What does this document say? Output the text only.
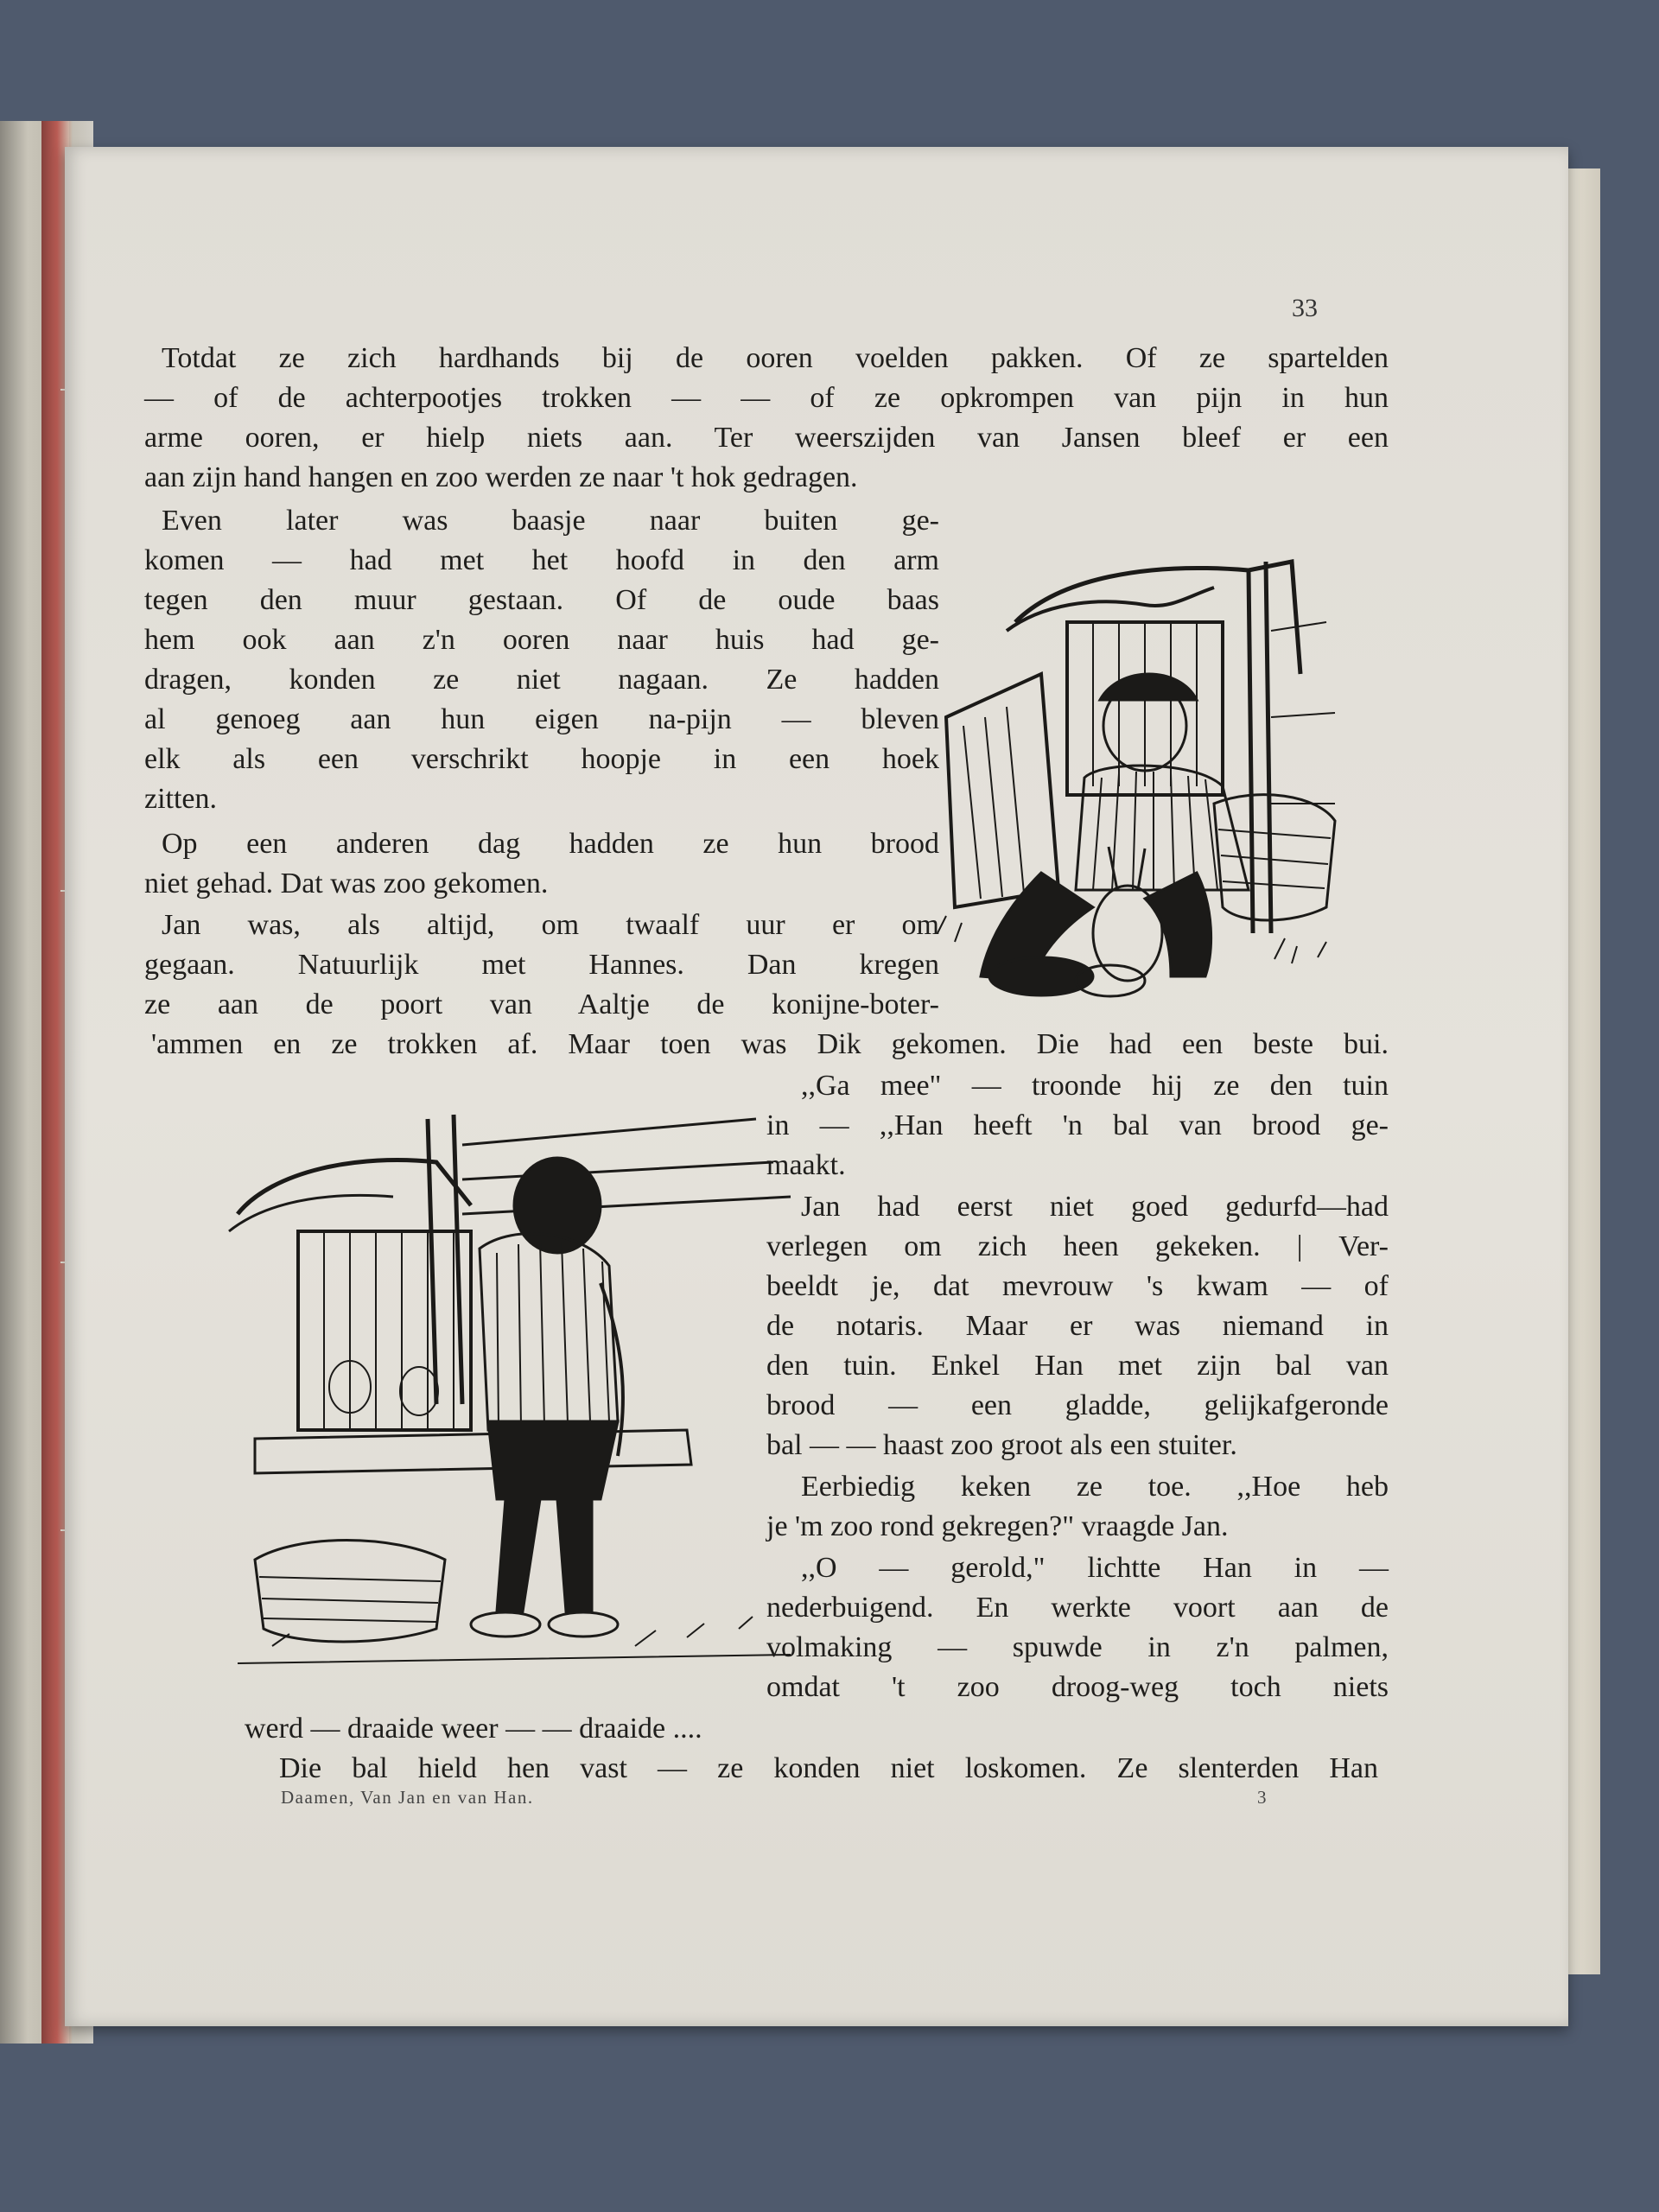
33
Totdat ze zich hardhands bij de ooren voelden pakken. Of ze spartelden
— of de achterpootjes trokken — — of ze opkrompen van pijn in hun
arme ooren, er hielp niets aan. Ter weerszijden van Jansen bleef er een
aan zijn hand hangen en zoo werden ze naar 't hok gedragen.
Even later was baasje naar buiten ge-
komen — had met het hoofd in den arm
tegen den muur gestaan. Of de oude baas
hem ook aan z'n ooren naar huis had ge-
dragen, konden ze niet nagaan. Ze hadden
al genoeg aan hun eigen na-pijn — bleven
elk als een verschrikt hoopje in een hoek
zitten.
Op een anderen dag hadden ze hun brood
niet gehad. Dat was zoo gekomen.
Jan was, als altijd, om twaalf uur er om
gegaan. Natuurlijk met Hannes. Dan kregen
ze aan de poort van Aaltje de konijne-boter-
'ammen en ze trokken af. Maar toen was Dik gekomen. Die had een beste bui.
,,Ga mee" — troonde hij ze den tuin
in — ,,Han heeft 'n bal van brood ge-
maakt.
Jan had eerst niet goed gedurfd—had
verlegen om zich heen gekeken. | Ver-
beeldt je, dat mevrouw 's kwam — of
de notaris. Maar er was niemand in
den tuin. Enkel Han met zijn bal van
brood — een gladde, gelijkafgeronde
bal — — haast zoo groot als een stuiter.
Eerbiedig keken ze toe. ,,Hoe heb
je 'm zoo rond gekregen?" vraagde Jan.
,,O — gerold," lichtte Han in —
nederbuigend. En werkte voort aan de
volmaking — spuwde in z'n palmen,
omdat 't zoo droog-weg toch niets
werd — draaide weer — — draaide ....
Die bal hield hen vast — ze konden niet loskomen. Ze slenterden Han
Daamen, Van Jan en van Han.	3
